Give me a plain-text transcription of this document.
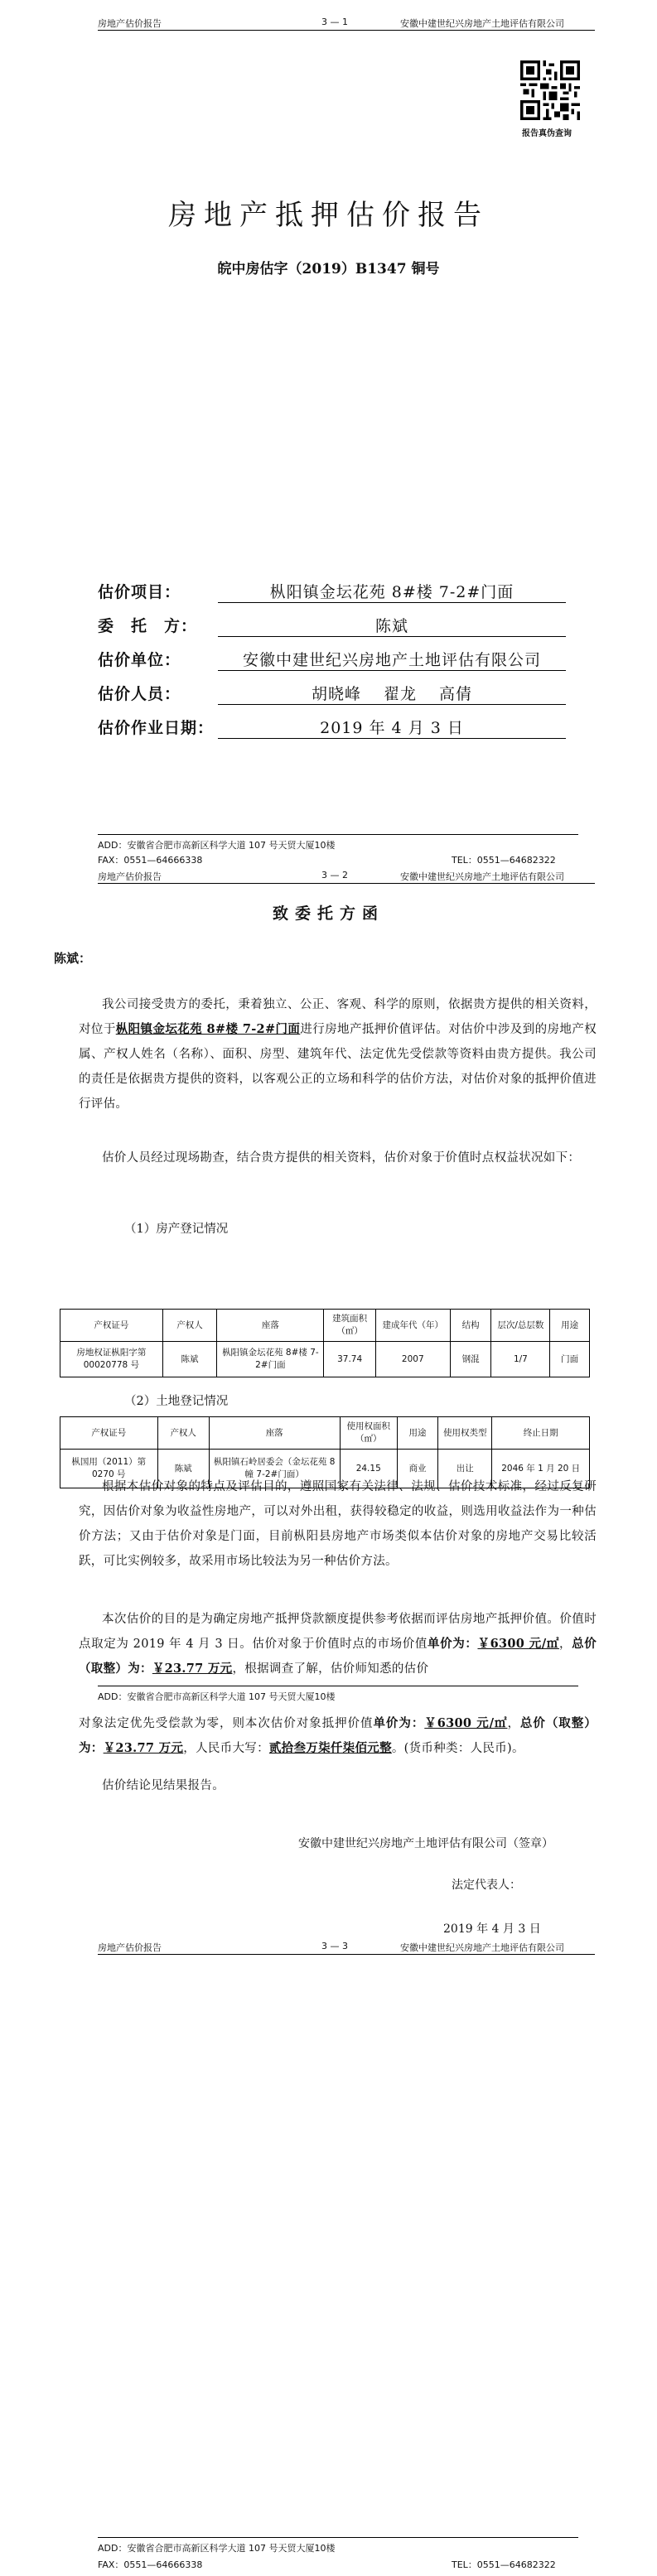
房地产估价报告	3 — 1	安徽中建世纪兴房地产土地评估有限公司
报告真伪查询
房地产抵押估价报告
皖中房估字（2019）B1347 铜号
估价项目：	枞阳镇金坛花苑 8#楼 7-2#门面
委　托　方：	陈斌
估价单位：	安徽中建世纪兴房地产土地评估有限公司
估价人员：	胡晓峰　 翟龙　 高倩
估价作业日期：	2019 年 4 月 3 日
ADD：安徽省合肥市高新区科学大道 107 号天贸大厦10楼
FAX：0551—64666338	TEL：0551—64682322
房地产估价报告	3 — 2	安徽中建世纪兴房地产土地评估有限公司
致委托方函
陈斌：
我公司接受贵方的委托，秉着独立、公正、客观、科学的原则，依据贵方提供的相关资料，对位于枞阳镇金坛花苑 8#楼 7-2#门面进行房地产抵押价值评估。对估价中涉及到的房地产权属、产权人姓名（名称）、面积、房型、建筑年代、法定优先受偿款等资料由贵方提供。我公司的责任是依据贵方提供的资料，以客观公正的立场和科学的估价方法，对估价对象的抵押价值进行评估。
估价人员经过现场勘查，结合贵方提供的相关资料，估价对象于价值时点权益状况如下：
（1）房产登记情况
产权证号	产权人	座落	建筑面积（㎡）	建成年代（年）	结构	层次/总层数	用途
房地权证枞阳字第 00020778 号	陈斌	枞阳镇金坛花苑 8#楼 7-2#门面	37.74	2007	钢混	1/7	门面
（2）土地登记情况
产权证号	产权人	座落	使用权面积（㎡）	用途	使用权类型	终止日期
枞国用（2011）第 0270 号	陈斌	枞阳镇石岭居委会（金坛花苑 8 幢 7-2#门面）	24.15	商业	出让	2046 年 1 月 20 日
根据本估价对象的特点及评估目的，遵照国家有关法律、法规、估价技术标准，经过反复研究，因估价对象为收益性房地产，可以对外出租，获得较稳定的收益，则选用收益法作为一种估价方法；又由于估价对象是门面，目前枞阳县房地产市场类似本估价对象的房地产交易比较活跃，可比实例较多，故采用市场比较法为另一种估价方法。
本次估价的目的是为确定房地产抵押贷款额度提供参考依据而评估房地产抵押价值。价值时点取定为 2019 年 4 月 3 日。估价对象于价值时点的市场价值单价为：￥6300 元/㎡，总价（取整）为：￥23.77 万元，根据调查了解，估价师知悉的估价
ADD：安徽省合肥市高新区科学大道 107 号天贸大厦10楼
对象法定优先受偿款为零，则本次估价对象抵押价值单价为：￥6300 元/㎡，总价（取整）为：￥23.77 万元，人民币大写：贰拾叁万柒仟柒佰元整。(货币种类：人民币)。
估价结论见结果报告。
安徽中建世纪兴房地产土地评估有限公司（签章）
法定代表人：
2019 年 4 月 3 日
房地产估价报告	3 — 3	安徽中建世纪兴房地产土地评估有限公司
ADD：安徽省合肥市高新区科学大道 107 号天贸大厦10楼
FAX：0551—64666338	TEL：0551—64682322
